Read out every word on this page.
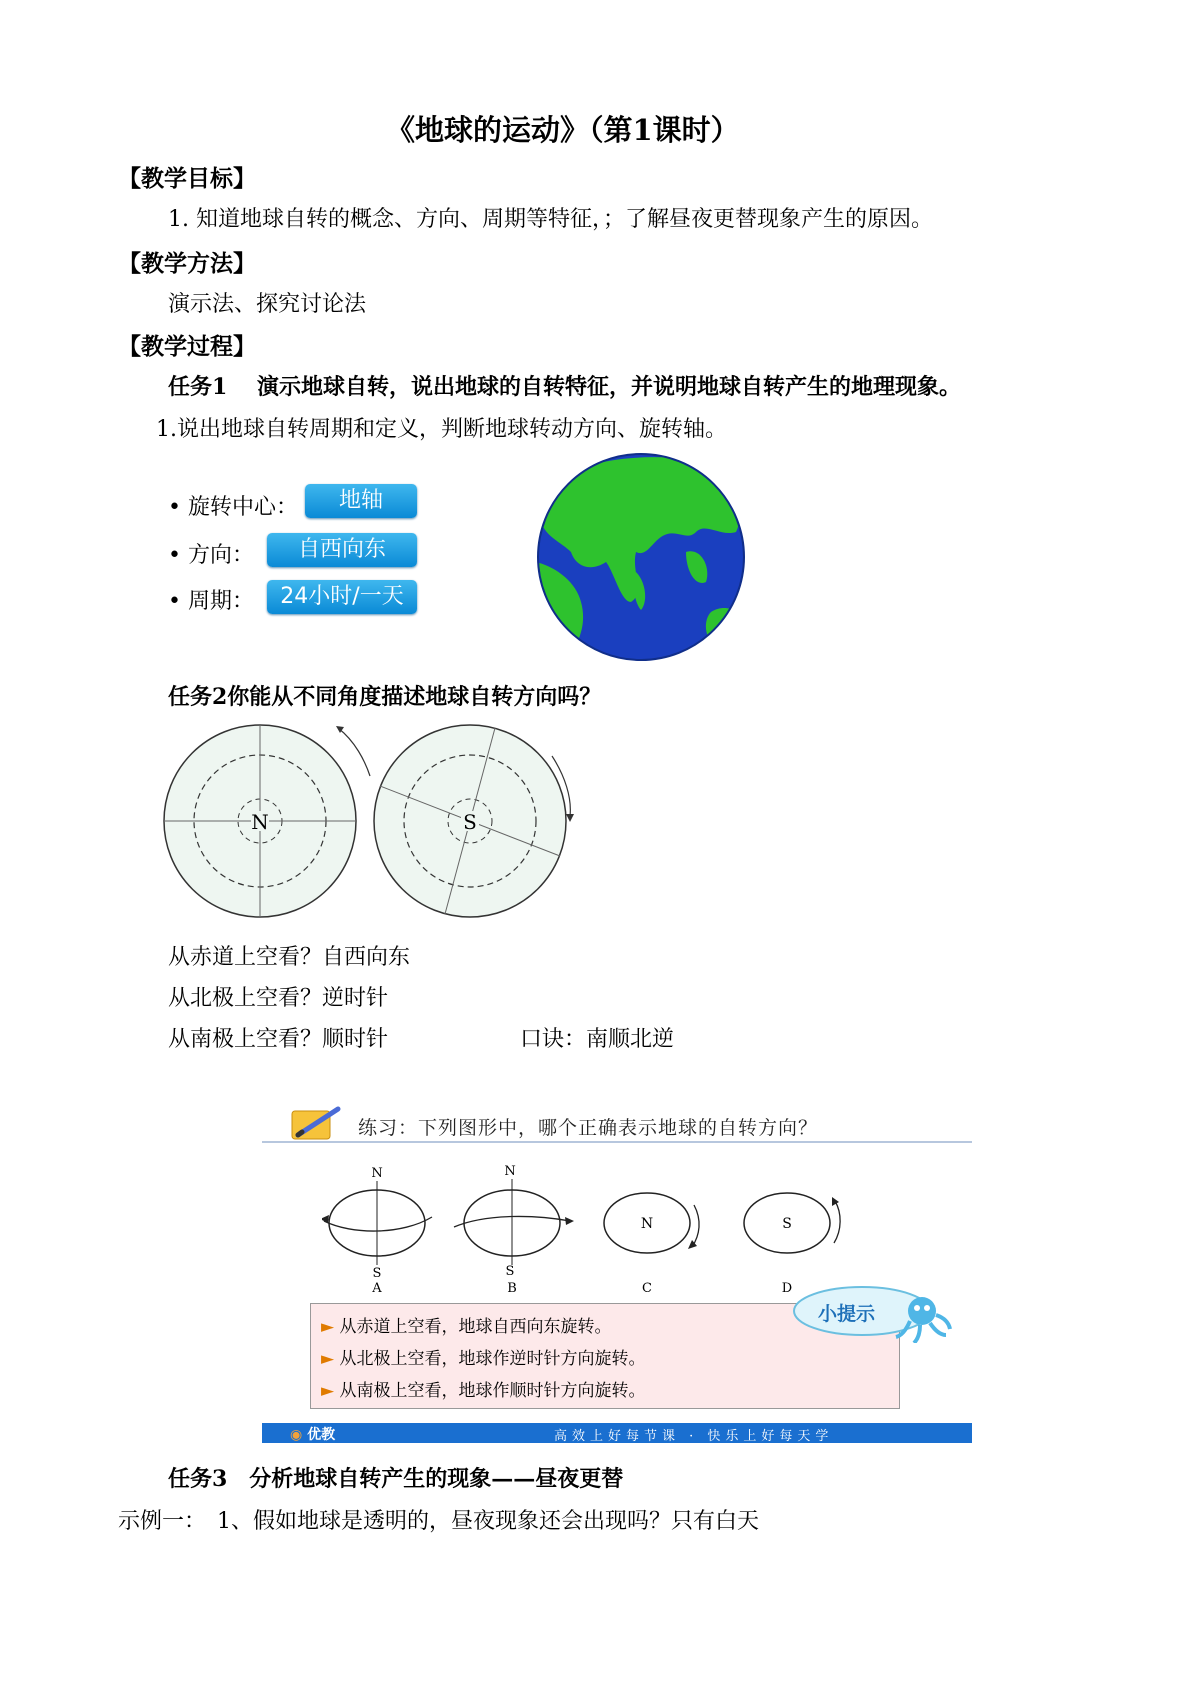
《地球的运动》（第1课时）
【教学目标】
1. 知道地球自转的概念、方向、周期等特征，；了解昼夜更替现象产生的原因。
【教学方法】
演示法、探究讨论法
【教学过程】
任务1　 演示地球自转，说出地球的自转特征，并说明地球自转产生的地理现象。
1.说出地球自转周期和定义，判断地球转动方向、旋转轴。
• 旋转中心：	地轴
• 方向：	自西向东
• 周期：	24小时/一天
任务2你能从不同角度描述地球自转方向吗？
N	S
从赤道上空看？自西向东
从北极上空看？逆时针
从南极上空看？顺时针	口诀：南顺北逆
练习：下列图形中，哪个正确表示地球的自转方向？
N
S
A
N
S
B
N
C
S
D
► 从赤道上空看，地球自西向东旋转。
► 从北极上空看，地球作逆时针方向旋转。
► 从南极上空看，地球作顺时针方向旋转。
小提示
◉ 优教	高效上好每节课 · 快乐上好每天学
任务3　分析地球自转产生的现象——昼夜更替
示例一：　1、假如地球是透明的，昼夜现象还会出现吗？只有白天
